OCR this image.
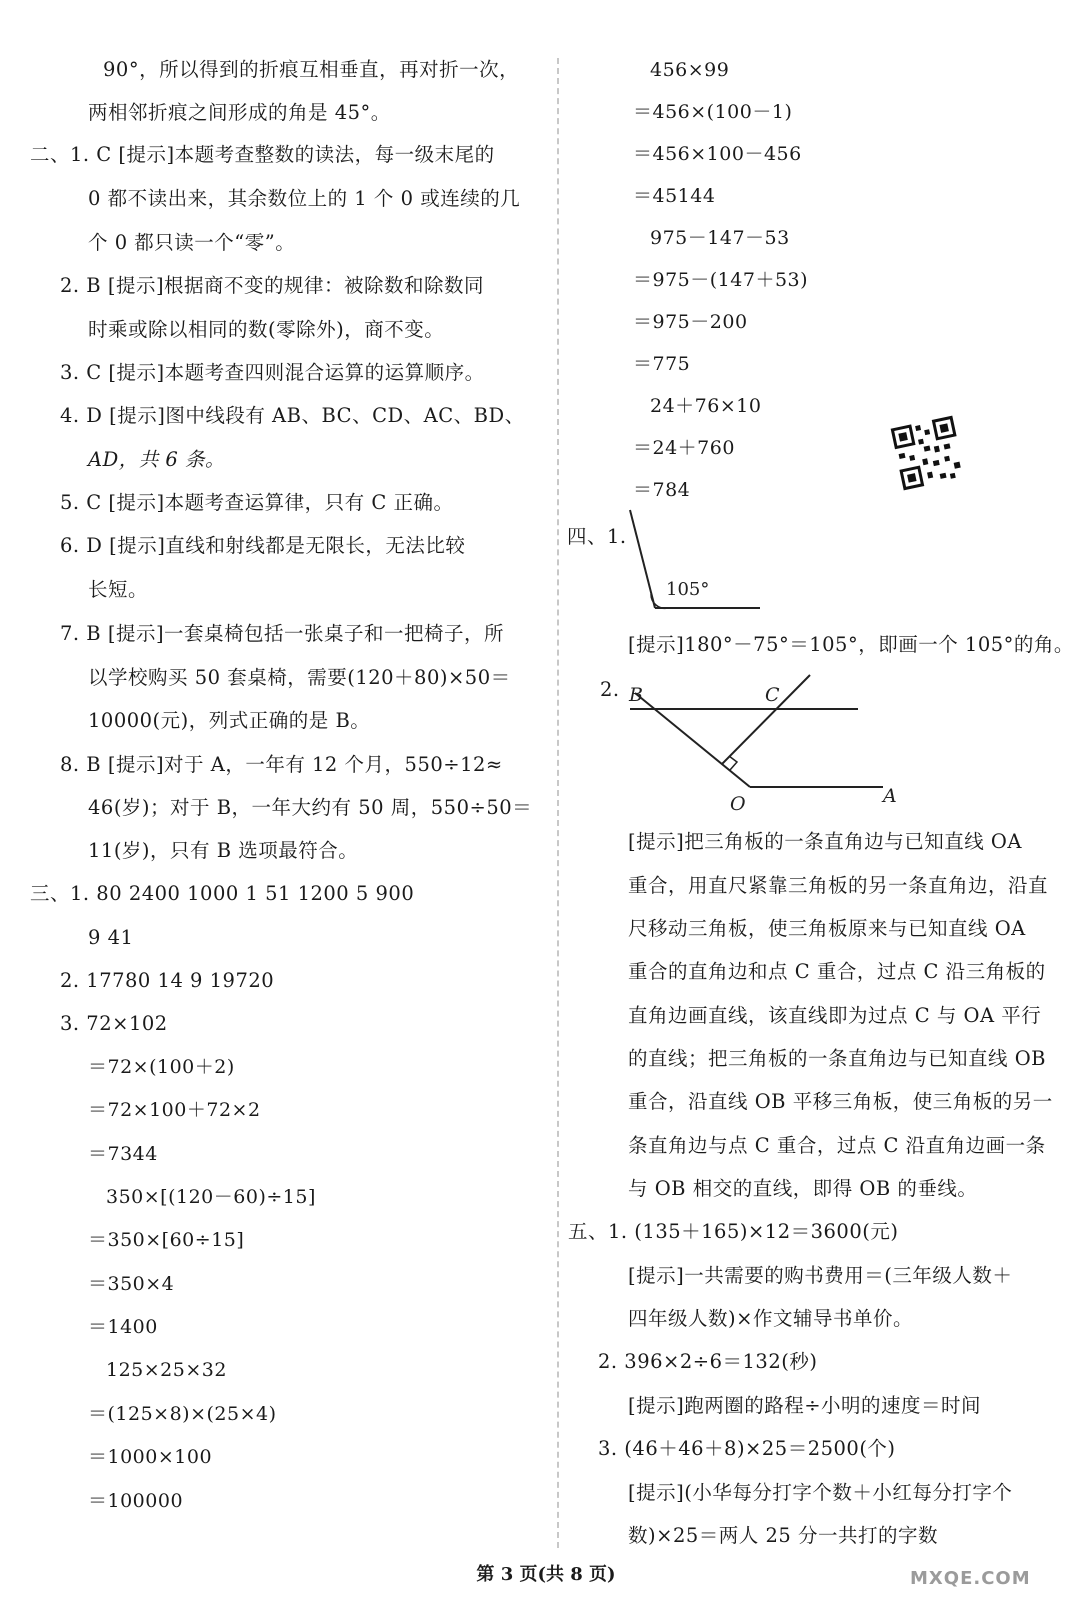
90°，所以得到的折痕互相垂直，再对折一次，
两相邻折痕之间形成的角是 45°。
二、1. C [提示]本题考查整数的读法，每一级末尾的
0 都不读出来，其余数位上的 1 个 0 或连续的几
个 0 都只读一个“零”。
2. B [提示]根据商不变的规律：被除数和除数同
时乘或除以相同的数(零除外)，商不变。
3. C [提示]本题考查四则混合运算的运算顺序。
4. D [提示]图中线段有 AB、BC、CD、AC、BD、
AD，共 6 条。
5. C [提示]本题考查运算律，只有 C 正确。
6. D [提示]直线和射线都是无限长，无法比较
长短。
7. B [提示]一套桌椅包括一张桌子和一把椅子，所
以学校购买 50 套桌椅，需要(120＋80)×50＝
10000(元)，列式正确的是 B。
8. B [提示]对于 A，一年有 12 个月，550÷12≈
46(岁)；对于 B，一年大约有 50 周，550÷50＝
11(岁)，只有 B 选项最符合。
三、1. 80 2400 1000 1 51 1200 5 900
9 41
2. 17780 14 9 19720
3. 72×102
＝72×(100＋2)
＝72×100＋72×2
＝7344
350×[(120－60)÷15]
＝350×[60÷15]
＝350×4
＝1400
125×25×32
＝(125×8)×(25×4)
＝1000×100
＝100000
456×99
＝456×(100－1)
＝456×100－456
＝45144
975－147－53
＝975－(147＋53)
＝975－200
＝775
24＋76×10
＝24＋760
＝784
四、1.
105°
[提示]180°－75°＝105°，即画一个 105°的角。
2. B	C
O	A
[提示]把三角板的一条直角边与已知直线 OA
重合，用直尺紧靠三角板的另一条直角边，沿直
尺移动三角板，使三角板原来与已知直线 OA
重合的直角边和点 C 重合，过点 C 沿三角板的
直角边画直线，该直线即为过点 C 与 OA 平行
的直线；把三角板的一条直角边与已知直线 OB
重合，沿直线 OB 平移三角板，使三角板的另一
条直角边与点 C 重合，过点 C 沿直角边画一条
与 OB 相交的直线，即得 OB 的垂线。
五、1. (135＋165)×12＝3600(元)
[提示]一共需要的购书费用＝(三年级人数＋
四年级人数)×作文辅导书单价。
2. 396×2÷6＝132(秒)
[提示]跑两圈的路程÷小明的速度＝时间
3. (46＋46＋8)×25＝2500(个)
[提示](小华每分打字个数＋小红每分打字个
数)×25＝两人 25 分一共打的字数
第 3 页(共 8 页)	MXQE.COM
